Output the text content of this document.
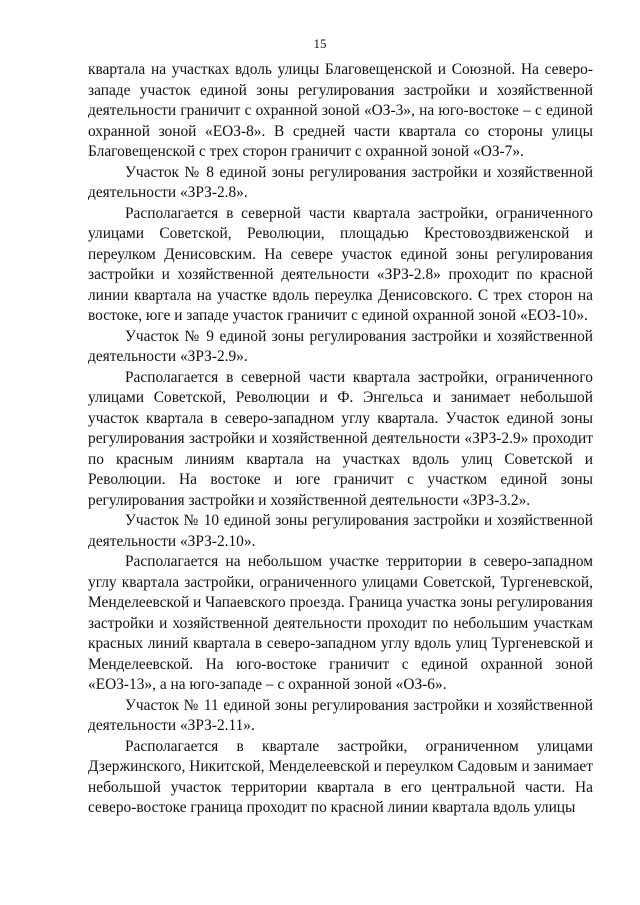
15

квартала на участках вдоль улицы Благовещенской и Союзной. На северо-западе участок единой зоны регулирования застройки и хозяйственной деятельности граничит с охранной зоной «ОЗ-3», на юго-востоке – с единой охранной зоной «ЕОЗ-8». В средней части квартала со стороны улицы Благовещенской с трех сторон граничит с охранной зоной «ОЗ-7».

Участок № 8 единой зоны регулирования застройки и хозяйственной деятельности «ЗРЗ-2.8».

Располагается в северной части квартала застройки, ограниченного улицами Советской, Революции, площадью Крестовоздвиженской и переулком Денисовским. На севере участок единой зоны регулирования застройки и хозяйственной деятельности «ЗРЗ-2.8» проходит по красной линии квартала на участке вдоль переулка Денисовского. С трех сторон на востоке, юге и западе участок граничит с единой охранной зоной «ЕОЗ-10».

Участок № 9 единой зоны регулирования застройки и хозяйственной деятельности «ЗРЗ-2.9».

Располагается в северной части квартала застройки, ограниченного улицами Советской, Революции и Ф. Энгельса и занимает небольшой участок квартала в северо-западном углу квартала. Участок единой зоны регулирования застройки и хозяйственной деятельности «ЗРЗ-2.9» проходит по красным линиям квартала на участках вдоль улиц Советской и Революции. На востоке и юге граничит с участком единой зоны регулирования застройки и хозяйственной деятельности «ЗРЗ-3.2».

Участок № 10 единой зоны регулирования застройки и хозяйственной деятельности «ЗРЗ-2.10».

Располагается на небольшом участке территории в северо-западном углу квартала застройки, ограниченного улицами Советской, Тургеневской, Менделеевской и Чапаевского проезда. Граница участка зоны регулирования застройки и хозяйственной деятельности проходит по небольшим участкам красных линий квартала в северо-западном углу вдоль улиц Тургеневской и Менделеевской. На юго-востоке граничит с единой охранной зоной «ЕОЗ-13», а на юго-западе – с охранной зоной «ОЗ-6».

Участок № 11 единой зоны регулирования застройки и хозяйственной деятельности «ЗРЗ-2.11».

Располагается в квартале застройки, ограниченном улицами Дзержинского, Никитской, Менделеевской и переулком Садовым и занимает небольшой участок территории квартала в его центральной части. На северо-востоке граница проходит по красной линии квартала вдоль улицы
